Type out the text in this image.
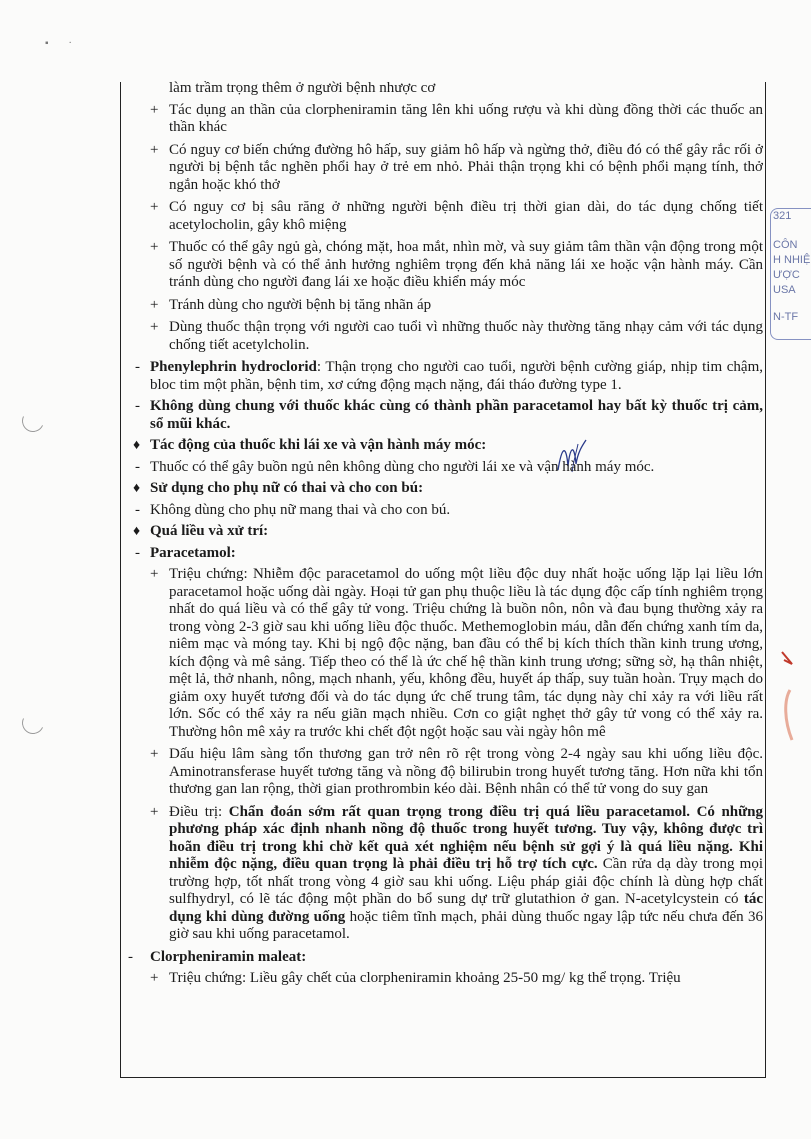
▪        ·
321
CÔN
H NHIỆ
ƯỢC
USA
N-TF
làm trầm trọng thêm ở người bệnh nhược cơ
+ Tác dụng an thần của clorpheniramin tăng lên khi uống rượu và khi dùng đồng thời các thuốc an thần khác
+ Có nguy cơ biến chứng đường hô hấp, suy giảm hô hấp và ngừng thở, điều đó có thể gây rắc rối ở người bị bệnh tắc nghẽn phổi hay ở trẻ em nhỏ. Phải thận trọng khi có bệnh phổi mạng tính, thở ngắn hoặc khó thở
+ Có nguy cơ bị sâu răng ở những người bệnh điều trị thời gian dài, do tác dụng chống tiết acetylocholin, gây khô miệng
+ Thuốc có thể gây ngủ gà, chóng mặt, hoa mắt, nhìn mờ, và suy giảm tâm thần vận động trong một số người bệnh và có thể ảnh hưởng nghiêm trọng đến khả năng lái xe hoặc vận hành máy. Cần tránh dùng cho người đang lái xe hoặc điều khiển máy móc
+ Tránh dùng cho người bệnh bị tăng nhãn áp
+ Dùng thuốc thận trọng với người cao tuổi vì những thuốc này thường tăng nhạy cảm với tác dụng chống tiết acetylcholin.
- Phenylephrin hydroclorid: Thận trọng cho người cao tuổi, người bệnh cường giáp, nhịp tim chậm, bloc tim một phần, bệnh tim, xơ cứng động mạch nặng, đái tháo đường type 1.
- Không dùng chung với thuốc khác cùng có thành phần paracetamol hay bất kỳ thuốc trị cảm, sổ mũi khác.
♦ Tác động của thuốc khi lái xe và vận hành máy móc:
- Thuốc có thể gây buồn ngủ nên không dùng cho người lái xe và vận hành máy móc.
♦ Sử dụng cho phụ nữ có thai và cho con bú:
- Không dùng cho phụ nữ mang thai và cho con bú.
♦ Quá liều và xử trí:
- Paracetamol:
+ Triệu chứng: Nhiễm độc paracetamol do uống một liều độc duy nhất hoặc uống lặp lại liều lớn paracetamol hoặc uống dài ngày. Hoại tử gan phụ thuộc liều là tác dụng độc cấp tính nghiêm trọng nhất do quá liều và có thể gây tử vong. Triệu chứng là buồn nôn, nôn và đau bụng thường xảy ra trong vòng 2-3 giờ sau khi uống liều độc thuốc. Methemoglobin máu, dẫn đến chứng xanh tím da, niêm mạc và móng tay. Khi bị ngộ độc nặng, ban đầu có thể bị kích thích thần kinh trung ương, kích động và mê sảng. Tiếp theo có thể là ức chế hệ thần kinh trung ương; sững sờ, hạ thân nhiệt, mệt lả, thở nhanh, nông, mạch nhanh, yếu, không đều, huyết áp thấp, suy tuần hoàn. Trụy mạch do giảm oxy huyết tương đối và do tác dụng ức chế trung tâm, tác dụng này chỉ xảy ra với liều rất lớn. Sốc có thể xảy ra nếu giãn mạch nhiều. Cơn co giật nghẹt thở gây tử vong có thể xảy ra. Thường hôn mê xảy ra trước khi chết đột ngột hoặc sau vài ngày hôn mê
+ Dấu hiệu lâm sàng tổn thương gan trở nên rõ rệt trong vòng 2-4 ngày sau khi uống liều độc. Aminotransferase huyết tương tăng và nồng độ bilirubin trong huyết tương tăng. Hơn nữa khi tổn thương gan lan rộng, thời gian prothrombin kéo dài. Bệnh nhân có thể tử vong do suy gan
+ Điều trị: Chẩn đoán sớm rất quan trọng trong điều trị quá liều paracetamol. Có những phương pháp xác định nhanh nồng độ thuốc trong huyết tương. Tuy vậy, không được trì hoãn điều trị trong khi chờ kết quả xét nghiệm nếu bệnh sử gợi ý là quá liều nặng. Khi nhiễm độc nặng, điều quan trọng là phải điều trị hỗ trợ tích cực. Cần rửa dạ dày trong mọi trường hợp, tốt nhất trong vòng 4 giờ sau khi uống. Liệu pháp giải độc chính là dùng hợp chất sulfhydryl, có lẽ tác động một phần do bổ sung dự trữ glutathion ở gan. N-acetylcystein có tác dụng khi dùng đường uống hoặc tiêm tĩnh mạch, phải dùng thuốc ngay lập tức nếu chưa đến 36 giờ sau khi uống paracetamol.
- Clorpheniramin maleat:
+ Triệu chứng: Liều gây chết của clorpheniramin khoảng 25-50 mg/ kg thể trọng. Triệu
